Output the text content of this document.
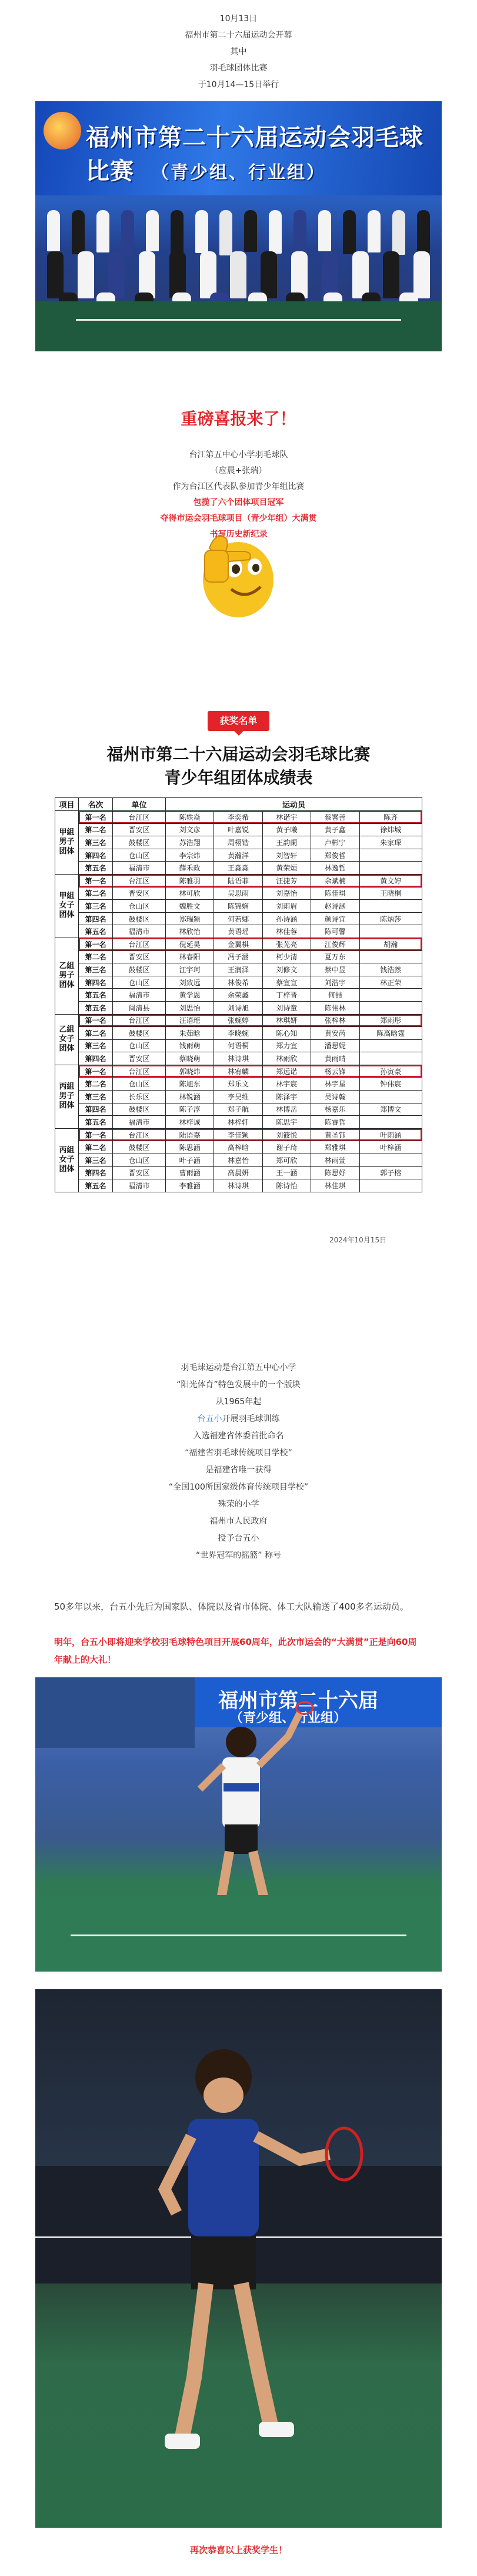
10月13日

福州市第二十六届运动会开幕

其中

羽毛球团体比赛

于10月14—15日举行

福州市第二十六届运动会羽毛球比赛 （青少组、行业组）
重磅喜报来了！

台江第五中心小学羽毛球队

（应晨+张瑞）

作为台江区代表队参加青少年组比赛

包揽了六个团体项目冠军

夺得市运会羽毛球项目（青少年组）大满贯

书写历史新纪录

获奖名单
福州市第二十六届运动会羽毛球比赛
青少年组团体成绩表
项目	名次	单位	运动员				
甲組男子团体	第一名	台江区	陈轶焱	李奕希	林诺宇	蔡署善	陈齐
	第二名	晋安区	刘文彦	叶嘉锐	黄子曦	黄子鑫	徐炜城
	第三名	鼓楼区	苏浩翔	周栩锴	王韵阑	卢彬宁	朱家琛
	第四名	仓山区	李宗炜	黄瀚洋	刘智轩	郑俊哲	
	第五名	福清市	薛禾政	王淼淼	黄荣烜	林逸哲	
甲組女子团体	第一名	台江区	陈雅羽	陆语菲	汪捷芳	余斌楠	黄文婷
	第二名	晋安区	林可欣	吴思雨	刘嘉怡	陈佳琪	王晓桐
	第三名	仓山区	魏胜文	陈锦娴	刘雨眉	赵诗涵	
	第四名	鼓楼区	郑瑞颖	何若娜	孙诗涵	颜诗宜	陈炳莎
	第五名	福清市	林欣怡	黄语瑶	林佳蓉	陈可馨	
乙組男子团体	第一名	台江区	倪延昊	金翼棋	张芜亮	江俊辉	胡瀚
	第二名	晋安区	林春阳	冯子涵	柯少清	夏万东	
	第三名	鼓楼区	江宇珂	王润泽	刘修文	蔡中昱	钱浩然
	第四名	仓山区	刘致远	林俊希	蔡宜宣	刘浩宇	林正荣
	第五名	福清市	黄学恩	余荣鑫	丁梓晋	何喆	
	第五名	闽清县	刘思怡	刘诗旭	刘诗童	陈伟林	
乙組女子团体	第一名	台江区	汪语瑶	张婉婷	林琪妍	张梓林	郑雨彤
	第二名	鼓楼区	朱茹晗	李晓婉	陈心知	黄安芮	陈高晗霆
	第三名	仓山区	钱雨萌	何语桐	郑力宜	潘思妮	
	第四名	晋安区	蔡晓萌	林诗琪	林雨欣	黄雨晴	
丙組男子团体	第一名	台江区	郭晓炜	林宥麟	郑远诺	杨云锋	孙寅豪
	第二名	仓山区	陈旭东	郑乐文	林宇宸	林宇星	钟伟宸
	第三名	长乐区	林锐涵	李昊维	陈泽宇	吴诗翰	
	第四名	鼓楼区	陈子淳	郑子航	林博岳	杨嘉乐	郑博文
	第五名	福清市	林梓诚	林梓轩	陈思宇	陈睿哲	
丙組女子团体	第一名	台江区	陆语嘉	李佳颖	刘筱悦	黄圣钰	叶雨涵
	第二名	鼓楼区	陈思涵	高梓晗	谢子琦	郑雅琪	叶梓涵
	第三名	仓山区	叶子涵	林嘉怡	郑可欣	林雨萱	
	第四名	晋安区	曹雨涵	高晨妍	王一涵	陈思妤	郭子榕
	第五名	福清市	李雅涵	林诗琪	陈诗怡	林佳琪	
2024年10月15日

羽毛球运动是台江第五中心小学

“阳光体育”特色发展中的一个版块

从1965年起

台五小开展羽毛球训练

入选福建省体委首批命名

“福建省羽毛球传统项目学校”

是福建省唯一获得

“全国100所国家级体育传统项目学校”

殊荣的小学

福州市人民政府

授予台五小

“世界冠军的摇篮” 称号

50多年以来，台五小先后为国家队、体院以及省市体院、体工大队输送了400多名运动员。
明年，台五小即将迎来学校羽毛球特色项目开展60周年，此次市运会的“大满贯”正是向60周年献上的大礼！
福州市第二十六届
（青少组、行业组）
再次恭喜以上获奖学生！
